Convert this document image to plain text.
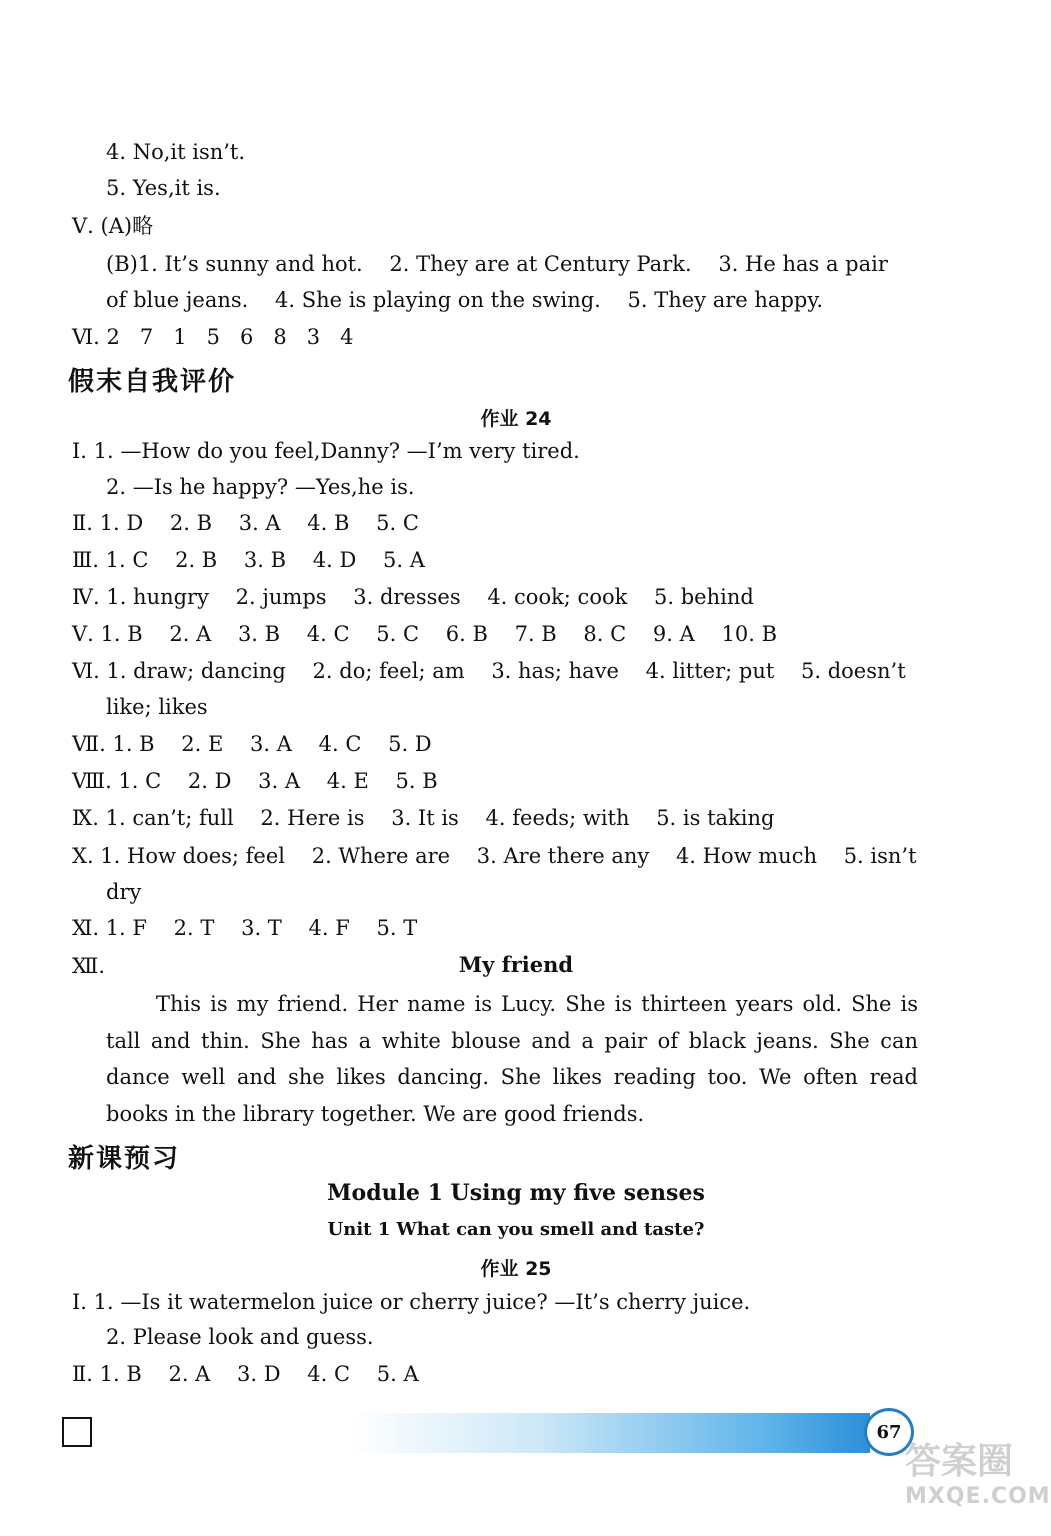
4. No,it isn’t.
5. Yes,it is.
Ⅴ. (A)略
(B)1. It’s sunny and hot.    2. They are at Century Park.    3. He has a pair
of blue jeans.    4. She is playing on the swing.    5. They are happy.
Ⅵ. 2   7   1   5   6   8   3   4
假末自我评价
作业 24
Ⅰ. 1. —How do you feel,Danny? —I’m very tired.
2. —Is he happy? —Yes,he is.
Ⅱ. 1. D    2. B    3. A    4. B    5. C
Ⅲ. 1. C    2. B    3. B    4. D    5. A
Ⅳ. 1. hungry    2. jumps    3. dresses    4. cook; cook    5. behind
Ⅴ. 1. B    2. A    3. B    4. C    5. C    6. B    7. B    8. C    9. A    10. B
Ⅵ. 1. draw; dancing    2. do; feel; am    3. has; have    4. litter; put    5. doesn’t
like; likes
Ⅶ. 1. B    2. E    3. A    4. C    5. D
Ⅷ. 1. C    2. D    3. A    4. E    5. B
Ⅸ. 1. can’t; full    2. Here is    3. It is    4. feeds; with    5. is taking
Ⅹ. 1. How does; feel    2. Where are    3. Are there any    4. How much    5. isn’t
dry
Ⅺ. 1. F    2. T    3. T    4. F    5. T
Ⅻ.	My friend
This is my friend. Her name is Lucy. She is thirteen years old. She is tall and thin. She has a white blouse and a pair of black jeans. She can dance well and she likes dancing. She likes reading too. We often read books in the library together. We are good friends.
新课预习
Module 1 Using my five senses
Unit 1 What can you smell and taste?
作业 25
Ⅰ. 1. —Is it watermelon juice or cherry juice? —It’s cherry juice.
2. Please look and guess.
Ⅱ. 1. B    2. A    3. D    4. C    5. A
67
答案圈
MXQE.COM
